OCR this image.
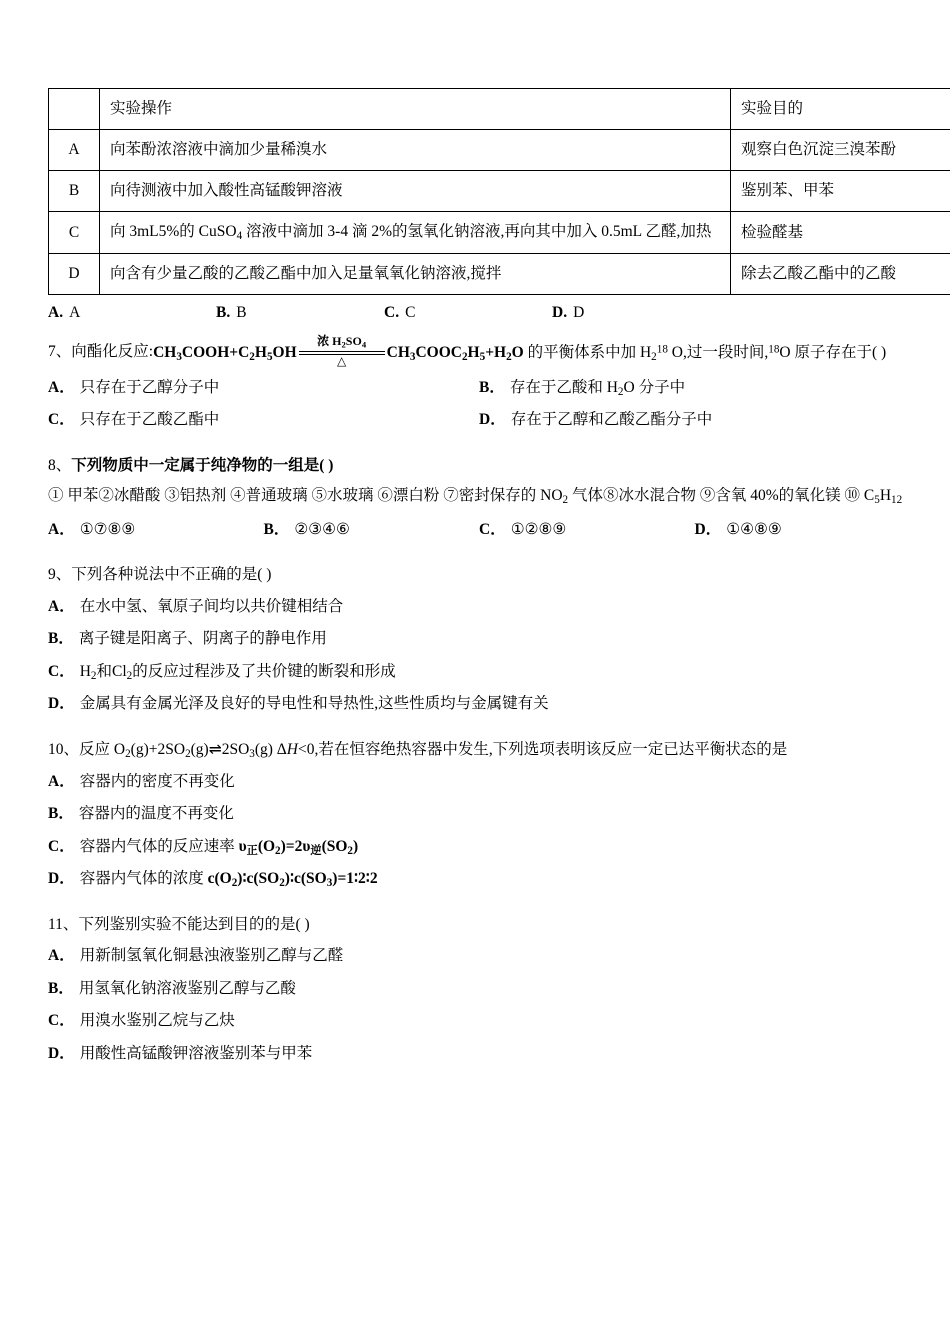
	实验操作	实验目的
A	向苯酚浓溶液中滴加少量稀溴水	观察白色沉淀三溴苯酚
B	向待测液中加入酸性高锰酸钾溶液	鉴别苯、甲苯
C	向 3mL5%的 CuSO$_4$ 溶液中滴加 3-4 滴 2%的氢氧化钠溶液,再向其中加入 0.5mL 乙醛,加热	检验醛基
D	向含有少量乙酸的乙酸乙酯中加入足量氧氧化钠溶液,搅拌	除去乙酸乙酯中的乙酸
A. A	B. B	C. C	D. D
7、向酯化反应$:CH_3COOH+C_2H_5OH \frac{浓 H_2SO_4}{\triangle}$ $CH_3COOC_2H_5+H_2O$ 的平衡体系中加 $H_2^{18}$ O,过一段时间,$^{18}$O 原子存在于( )
A． 只存在于乙醇分子中	B． 存在于乙酸和 $H_2O$ 分子中
C． 只存在于乙酸乙酯中	D． 存在于乙醇和乙酸乙酯分子中
8、下列物质中一定属于纯净物的一组是( )
① 甲苯②冰醋酸 ③铝热剂 ④普通玻璃 ⑤水玻璃 ⑥漂白粉 ⑦密封保存的 $NO_2$ 气体⑧冰水混合物 ⑨含氧 40%的氧化镁 ⑩ $C_5H_{12}$
A． ①⑦⑧⑨	B． ②③④⑥	C． ①②⑧⑨	D． ①④⑧⑨
9、下列各种说法中不正确的是( )
A． 在水中氢、氧原子间均以共价键相结合
B． 离子键是阳离子、阴离子的静电作用
C． $H_2$和$Cl_2$的反应过程涉及了共价键的断裂和形成
D． 金属具有金属光泽及良好的导电性和导热性,这些性质均与金属键有关
10、反应 $O_2(g)+2SO_2(g)\rightleftharpoons 2SO_3(g)$ ΔH<0,若在恒容绝热容器中发生,下列选项表明该反应一定已达平衡状态的是
A． 容器内的密度不再变化
B． 容器内的温度不再变化
C． 容器内气体的反应速率 $\upsilon_正(O_2)=2\upsilon_逆(SO_2)$
D． 容器内气体的浓度 $c(O_2)∶c(SO_2)∶c(SO_3)=1∶2∶2$
11、下列鉴别实验不能达到目的的是( )
A． 用新制氢氧化铜悬浊液鉴别乙醇与乙醛
B． 用氢氧化钠溶液鉴别乙醇与乙酸
C． 用溴水鉴别乙烷与乙炔
D． 用酸性高锰酸钾溶液鉴别苯与甲苯
